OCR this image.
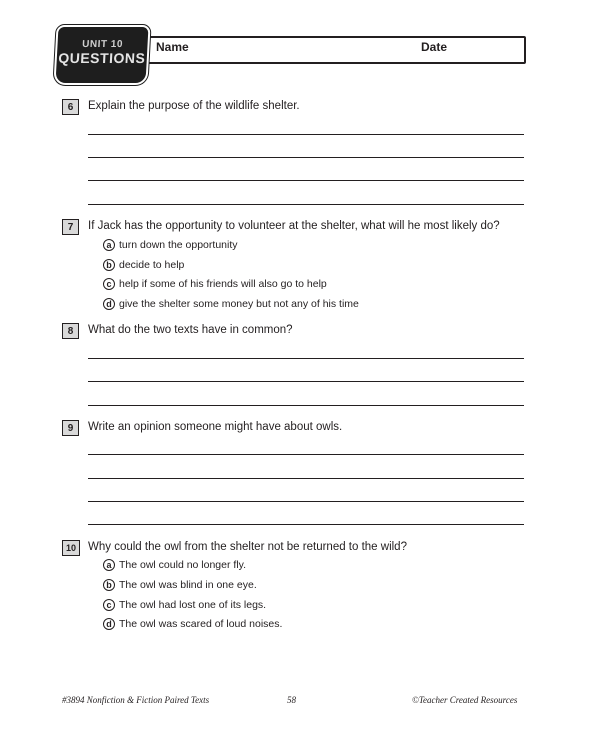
UNIT 10
QUESTIONS
Name	Date
6	Explain the purpose of the wildlife shelter.
7	If Jack has the opportunity to volunteer at the shelter, what will he most likely do?
a turn down the opportunity
b decide to help
c help if some of his friends will also go to help
d give the shelter some money but not any of his time
8	What do the two texts have in common?
9	Write an opinion someone might have about owls.
10	Why could the owl from the shelter not be returned to the wild?
a The owl could no longer fly.
b The owl was blind in one eye.
c The owl had lost one of its legs.
d The owl was scared of loud noises.
#3894 Nonfiction & Fiction Paired Texts	58	©Teacher Created Resources
